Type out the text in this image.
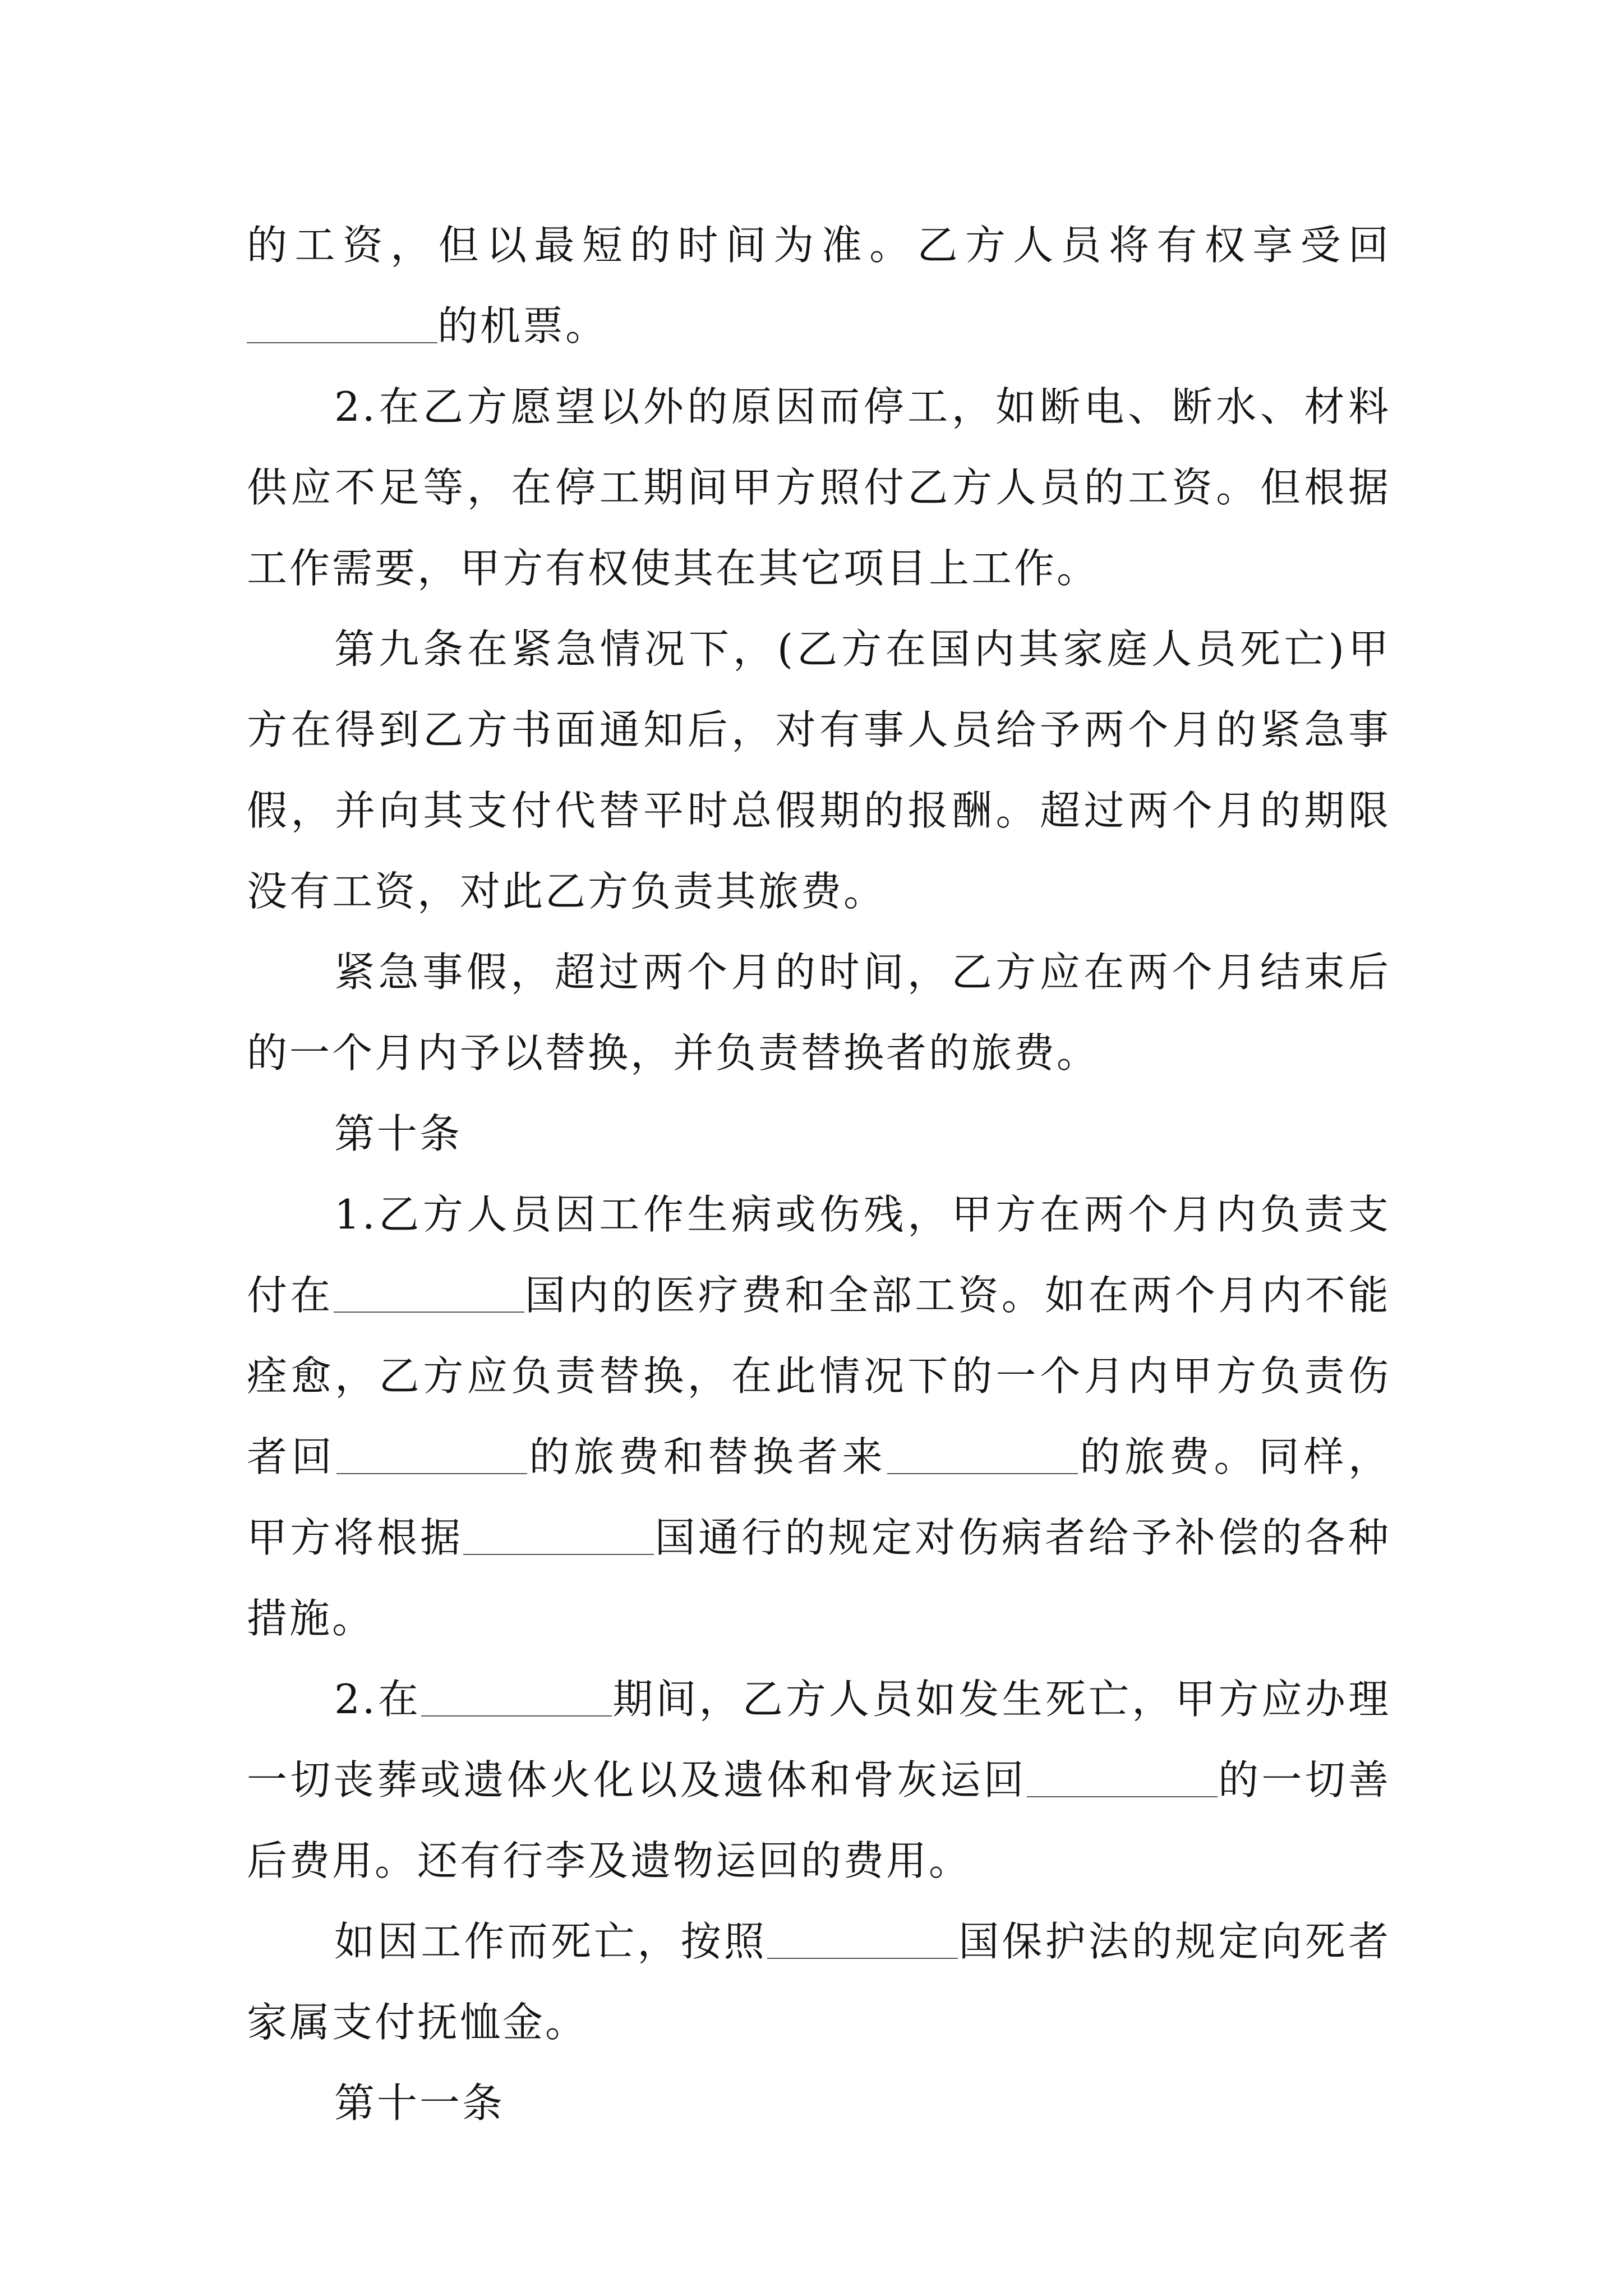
的工资，但以最短的时间为准。乙方人员将有权享受回的机票。

2.在乙方愿望以外的原因而停工，如断电、断水、材料供应不足等，在停工期间甲方照付乙方人员的工资。但根据工作需要，甲方有权使其在其它项目上工作。

第九条在紧急情况下，(乙方在国内其家庭人员死亡)甲方在得到乙方书面通知后，对有事人员给予两个月的紧急事假，并向其支付代替平时总假期的报酬。超过两个月的期限没有工资，对此乙方负责其旅费。

紧急事假，超过两个月的时间，乙方应在两个月结束后的一个月内予以替换，并负责替换者的旅费。

第十条

1.乙方人员因工作生病或伤残，甲方在两个月内负责支付在	国内的医疗费和全部工资。如在两个月内不能痊愈，乙方应负责替换，在此情况下的一个月内甲方负责伤者回	的旅费和替换者来	的旅费。同样，甲方将根据	国通行的规定对伤病者给予补偿的各种措施。

2.在	期间，乙方人员如发生死亡，甲方应办理一切丧葬或遗体火化以及遗体和骨灰运回	的一切善后费用。还有行李及遗物运回的费用。

如因工作而死亡，按照	国保护法的规定向死者家属支付抚恤金。

第十一条
